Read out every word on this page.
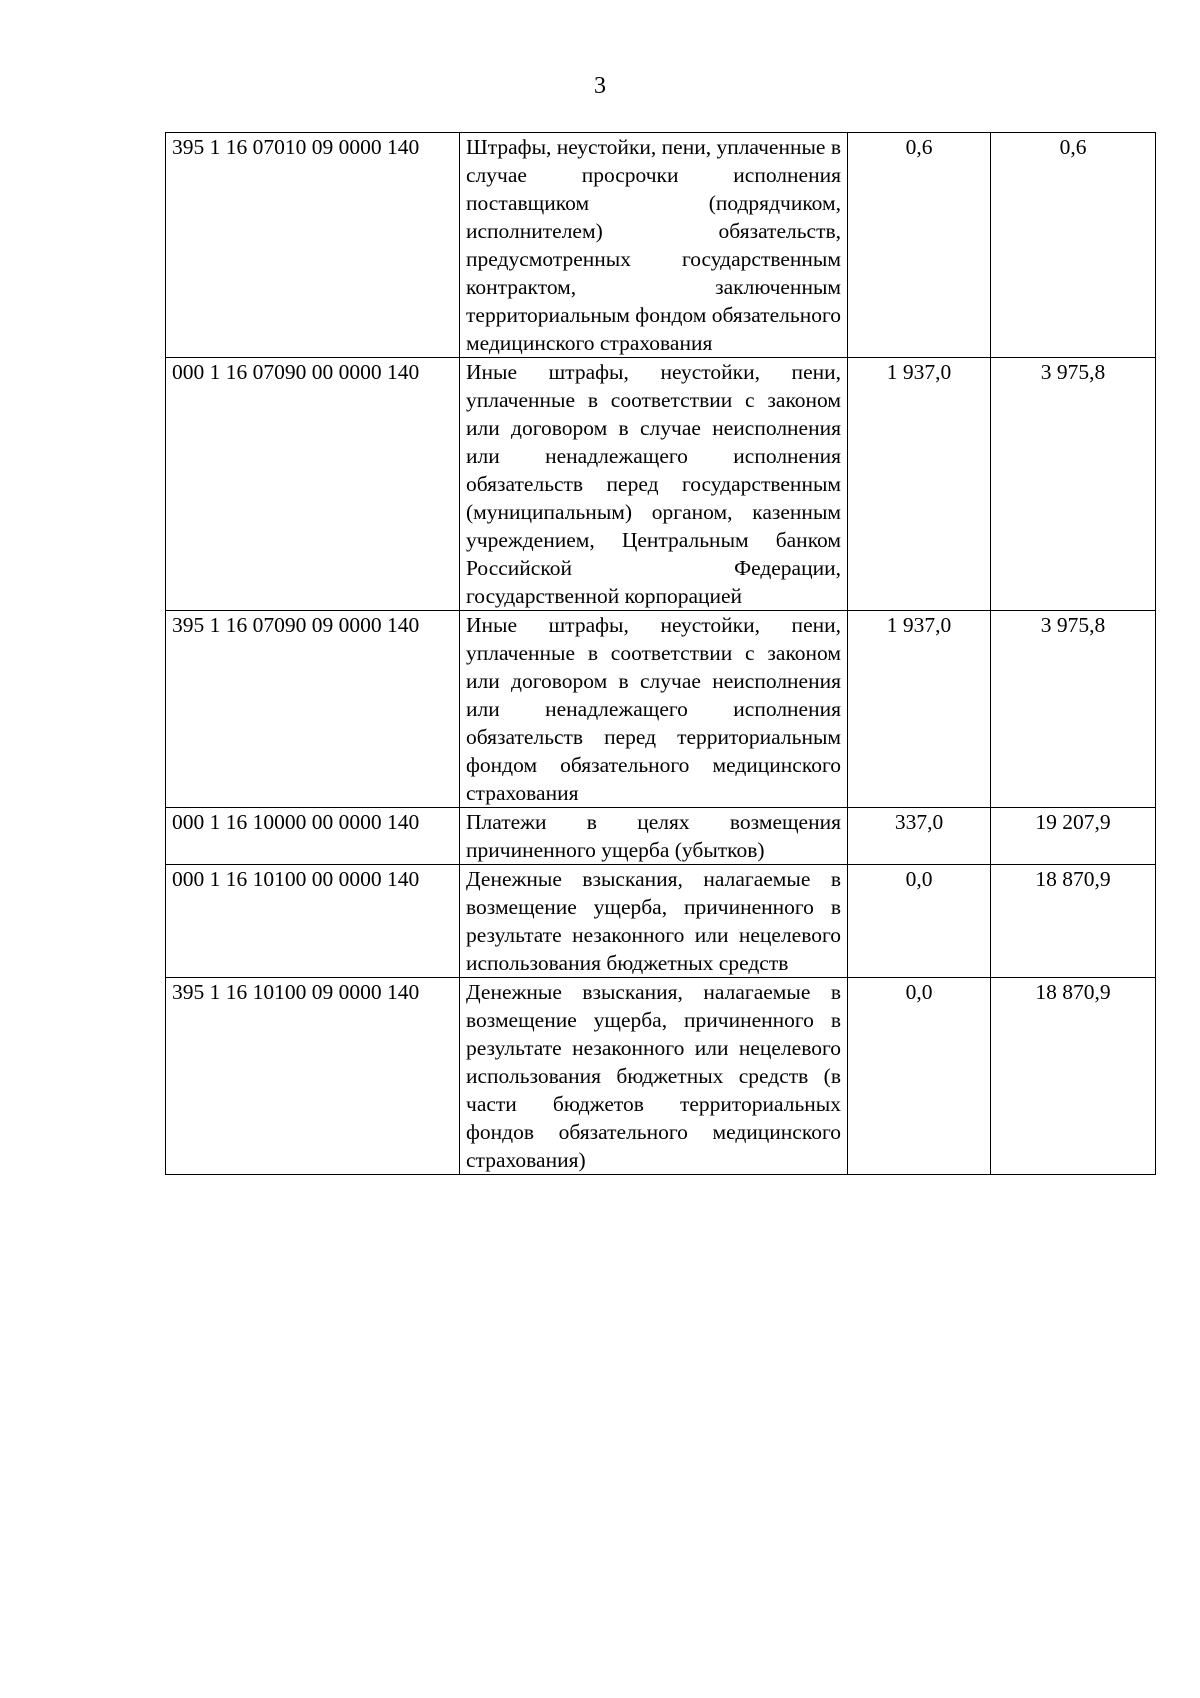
3
395 1 16 07010 09 0000 140	Штрафы, неустойки, пени, уплаченные в случае просрочки исполнения поставщиком (подрядчиком, исполнителем) обязательств, предусмотренных государственным контрактом, заключенным территориальным фондом обязательного медицинского страхования	0,6	0,6
000 1 16 07090 00 0000 140	Иные штрафы, неустойки, пени, уплаченные в соответствии с законом или договором в случае неисполнения или ненадлежащего исполнения обязательств перед государственным (муниципальным) органом, казенным учреждением, Центральным банком Российской Федерации, государственной корпорацией	1 937,0	3 975,8
395 1 16 07090 09 0000 140	Иные штрафы, неустойки, пени, уплаченные в соответствии с законом или договором в случае неисполнения или ненадлежащего исполнения обязательств перед территориальным фондом обязательного медицинского страхования	1 937,0	3 975,8
000 1 16 10000 00 0000 140	Платежи в целях возмещения причиненного ущерба (убытков)	337,0	19 207,9
000 1 16 10100 00 0000 140	Денежные взыскания, налагаемые в возмещение ущерба, причиненного в результате незаконного или нецелевого использования бюджетных средств	0,0	18 870,9
395 1 16 10100 09 0000 140	Денежные взыскания, налагаемые в возмещение ущерба, причиненного в результате незаконного или нецелевого использования бюджетных средств (в части бюджетов территориальных фондов обязательного медицинского страхования)	0,0	18 870,9
